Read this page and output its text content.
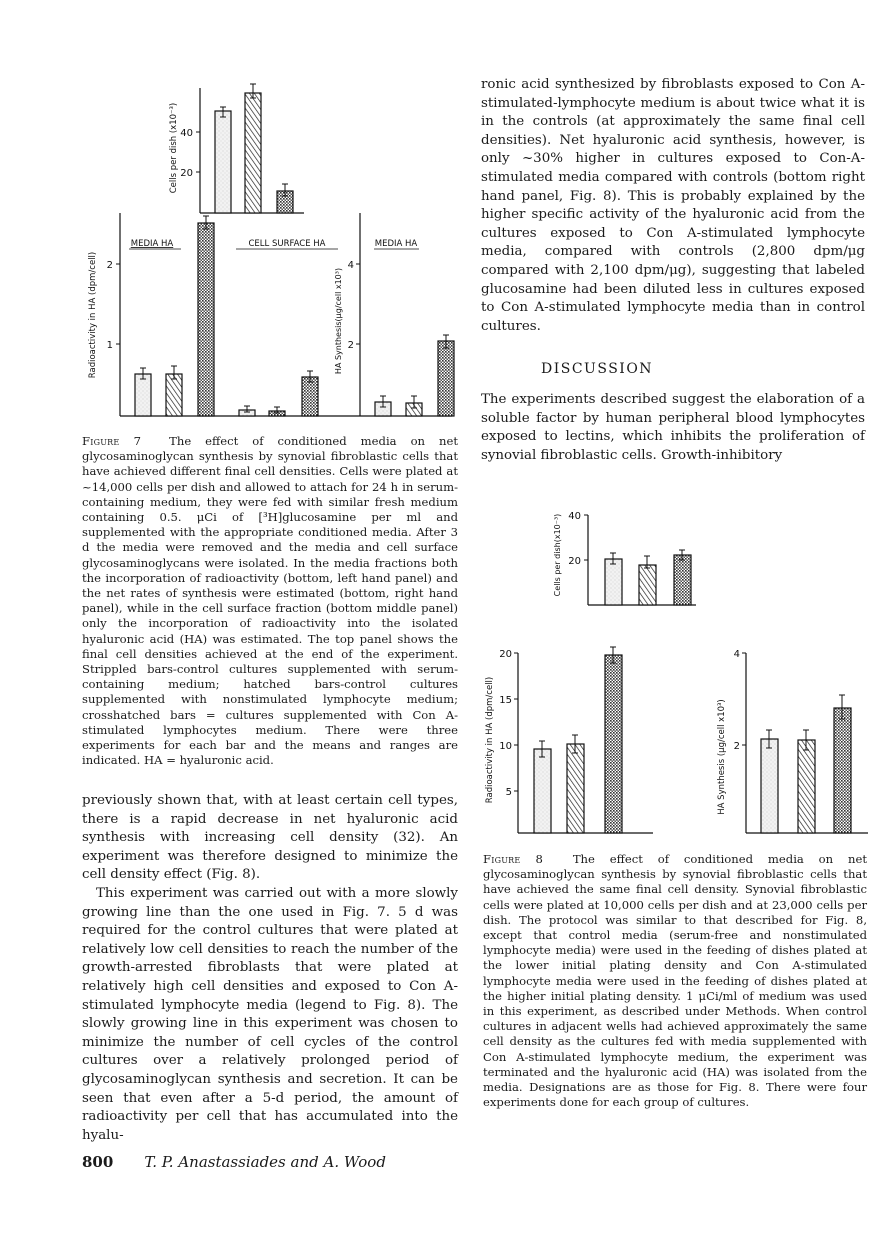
40
20
Cells per dish (x10⁻³)
2
1
Radioactivity in HA (dpm/cell)
MEDIA HA	CELL SURFACE HA
4
2
HA Synthesis(μg/cell x10³)
MEDIA HA
Figure 7 The effect of conditioned media on net glycosaminoglycan synthesis by synovial fibroblastic cells that have achieved different final cell densities. Cells were plated at ~14,000 cells per dish and allowed to attach for 24 h in serum-containing medium, they were fed with similar fresh medium containing 0.5. μCi of [³H]glucosamine per ml and supplemented with the appropriate conditioned media. After 3 d the media were removed and the media and cell surface glycosaminoglycans were isolated. In the media fractions both the incorporation of radioactivity (bottom, left hand panel) and the net rates of synthesis were estimated (bottom, right hand panel), while in the cell surface fraction (bottom middle panel) only the incorporation of radioactivity into the isolated hyaluronic acid (HA) was estimated. The top panel shows the final cell densities achieved at the end of the experiment. Strippled bars-control cultures supplemented with serum-containing medium; hatched bars-control cultures supplemented with nonstimulated lymphocyte medium; crosshatched bars = cultures supplemented with Con A-stimulated lymphocytes medium. There were three experiments for each bar and the means and ranges are indicated. HA = hyaluronic acid.

previously shown that, with at least certain cell types, there is a rapid decrease in net hyaluronic acid synthesis with increasing cell density (32). An experiment was therefore designed to minimize the cell density effect (Fig. 8).

This experiment was carried out with a more slowly growing line than the one used in Fig. 7. 5 d was required for the control cultures that were plated at relatively low cell densities to reach the number of the growth-arrested fibroblasts that were plated at relatively high cell densities and exposed to Con A-stimulated lymphocyte media (legend to Fig. 8). The slowly growing line in this experiment was chosen to minimize the number of cell cycles of the control cultures over a relatively prolonged period of glycosaminoglycan synthesis and secretion. It can be seen that even after a 5-d period, the amount of radioactivity per cell that has accumulated into the hyalu-

ronic acid synthesized by fibroblasts exposed to Con A-stimulated-lymphocyte medium is about twice what it is in the controls (at approximately the same final cell densities). Net hyaluronic acid synthesis, however, is only ~30% higher in cultures exposed to Con-A-stimulated media compared with controls (bottom right hand panel, Fig. 8). This is probably explained by the higher specific activity of the hyaluronic acid from the cultures exposed to Con A-stimulated lymphocyte media, compared with controls (2,800 dpm/μg compared with 2,100 dpm/μg), suggesting that labeled glucosamine had been diluted less in cultures exposed to Con A-stimulated lymphocyte media than in control cultures.

DISCUSSION

The experiments described suggest the elaboration of a soluble factor by human peripheral blood lymphocytes exposed to lectins, which inhibits the proliferation of synovial fibroblastic cells. Growth-inhibitory

40
20
Cells per dish(x10⁻³)
20
15
10
5
Radioactivity in HA (dpm/cell)
4
2
HA Synthesis (μg/cell x10³)
Figure 8	The effect of conditioned media on net glycosaminoglycan synthesis by synovial fibroblastic cells that have achieved the same final cell density. Synovial fibroblastic cells were plated at 10,000 cells per dish and at 23,000 cells per dish. The protocol was similar to that described for Fig. 8, except that control media (serum-free and nonstimulated lymphocyte media) were used in the feeding of dishes plated at the lower initial plating density and Con A-stimulated lymphocyte media were used in the feeding of dishes plated at the higher initial plating density. 1 μCi/ml of medium was used in this experiment, as described under Methods. When control cultures in adjacent wells had achieved approximately the same cell density as the cultures fed with media supplemented with Con A-stimulated lymphocyte medium, the experiment was terminated and the hyaluronic acid (HA) was isolated from the media. Designations are as those for Fig. 8. There were four experiments done for each group of cultures.
800 T. P. Anastassiades and A. Wood
